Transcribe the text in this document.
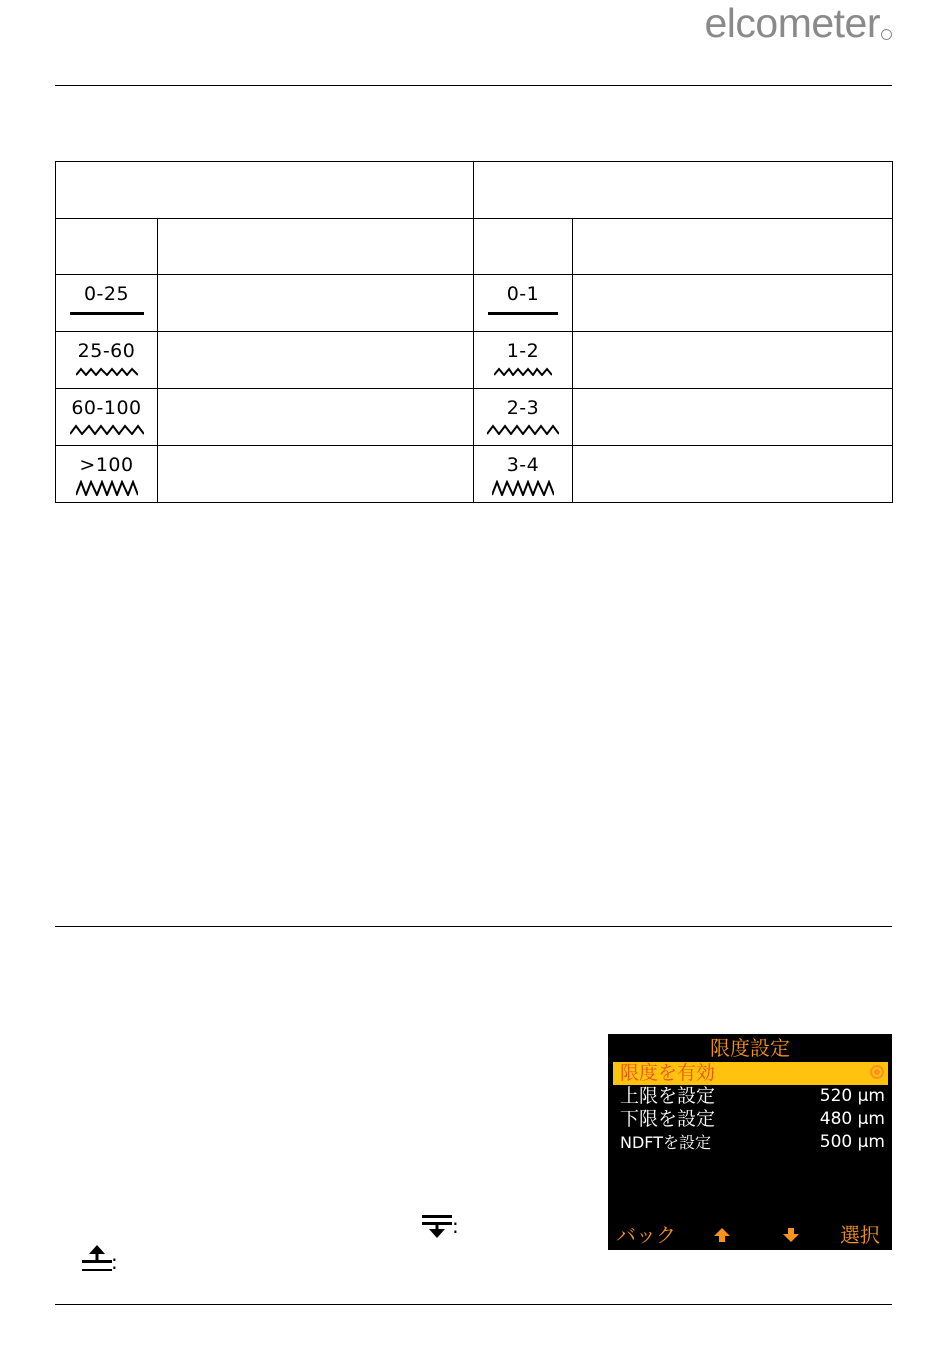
elcometer

0-25		0-1	

25-60		1-2	

60-100		2-3	

>100		3-4	

限度設定
限度を有効
上限を設定	520 µm
下限を設定	480 µm
NDFTを設定	500 µm
バック	選択
:
:
